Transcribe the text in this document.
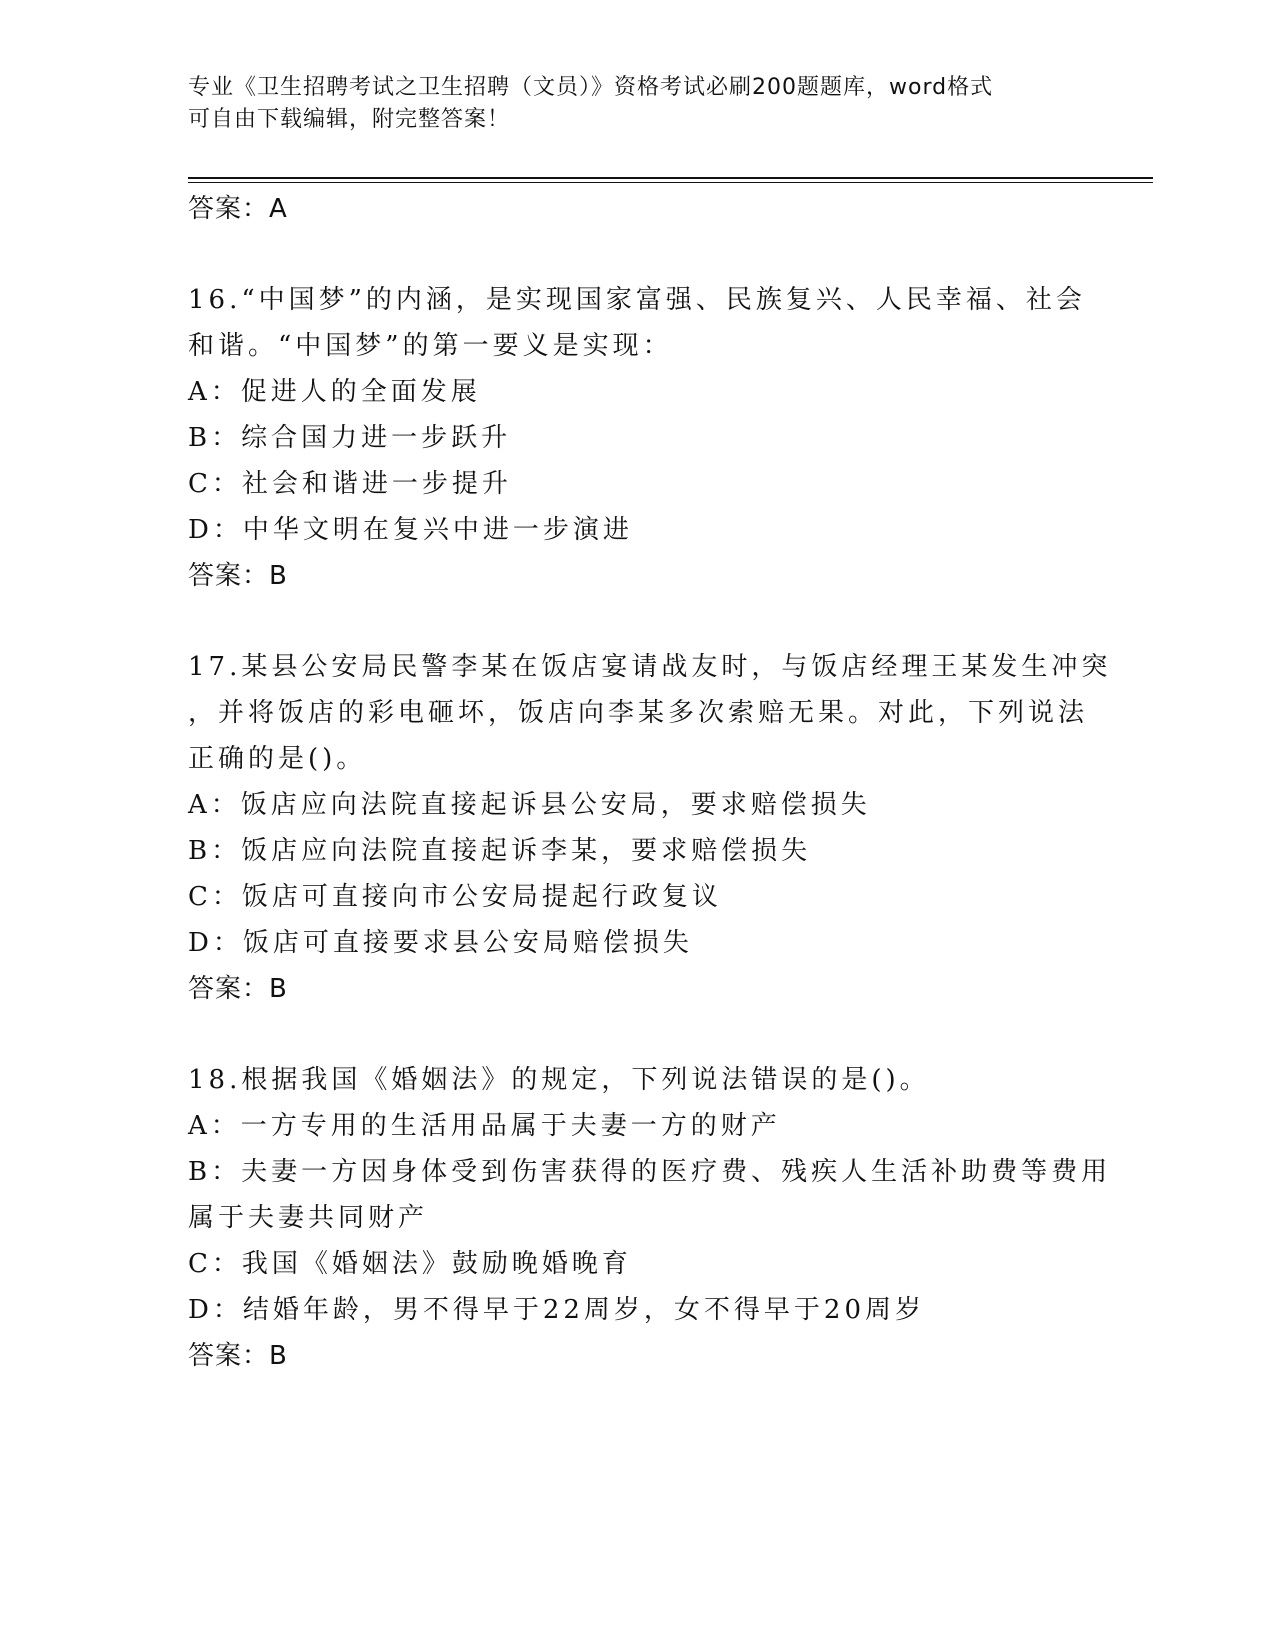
专业《卫生招聘考试之卫生招聘（文员）》资格考试必刷200题题库，word格式
可自由下载编辑，附完整答案！
答案：A
16.“中国梦”的内涵，是实现国家富强、民族复兴、人民幸福、社会
和谐。“中国梦”的第一要义是实现：
A：促进人的全面发展
B：综合国力进一步跃升
C：社会和谐进一步提升
D：中华文明在复兴中进一步演进
答案：B
17.某县公安局民警李某在饭店宴请战友时，与饭店经理王某发生冲突
，并将饭店的彩电砸坏，饭店向李某多次索赔无果。对此，下列说法
正确的是()。
A：饭店应向法院直接起诉县公安局，要求赔偿损失
B：饭店应向法院直接起诉李某，要求赔偿损失
C：饭店可直接向市公安局提起行政复议
D：饭店可直接要求县公安局赔偿损失
答案：B
18.根据我国《婚姻法》的规定，下列说法错误的是()。
A：一方专用的生活用品属于夫妻一方的财产
B：夫妻一方因身体受到伤害获得的医疗费、残疾人生活补助费等费用
属于夫妻共同财产
C：我国《婚姻法》鼓励晚婚晚育
D：结婚年龄，男不得早于22周岁，女不得早于20周岁
答案：B
